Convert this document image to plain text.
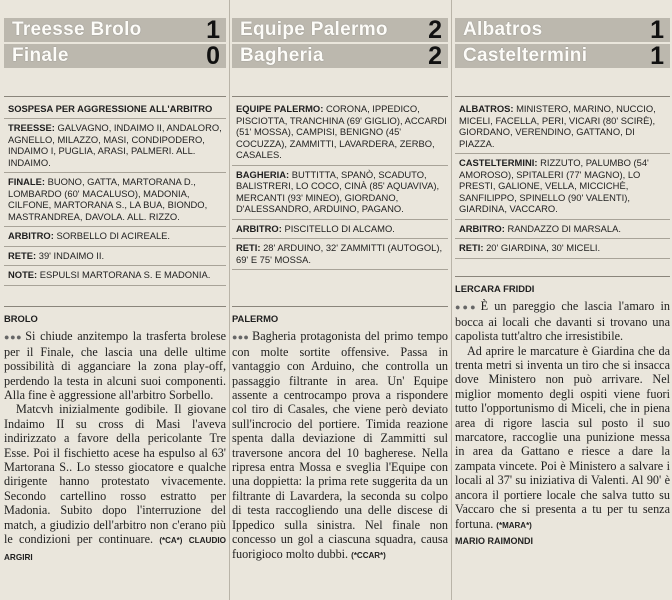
Treesse Brolo	1
Finale	0
SOSPESA PER AGGRESSIONE ALL'ARBITRO

TREESSE: GALVAGNO, INDAIMO II, ANDALORO, AGNELLO, MILAZZO, MASI, CONDIPODERO, INDAIMO I, PUGLIA, ARASI, PALMERI. ALL. INDAIMO.

FINALE: BUONO, GATTA, MARTORANA D., LOMBARDO (60' MACALUSO), MADONIA, CILFONE, MARTORANA S., LA BUA, BIONDO, MASTRANDREA, DAVOLA. ALL. RIZZO.

ARBITRO: SORBELLO DI ACIREALE.

RETE: 39' INDAIMO II.

NOTE: ESPULSI MARTORANA S. E MADONIA.

BROLO

●●● Si chiude anzitempo la trasferta brolese per il Finale, che lascia una delle ultime possibilità di agganciare la zona play-off, perdendo la testa in alcuni suoi componenti. Alla fine è aggressione all'arbitro Sorbello.

Matcvh inizialmente godibile. Il giovane Indaimo II su cross di Masi l'aveva indirizzato a favore della pericolante Tre Esse. Poi il fischietto acese ha espulso al 63' Martorana S.. Lo stesso giocatore e qualche dirigente hanno protestato vivacemente. Secondo cartellino rosso estratto per Madonia. Subito dopo l'interruzione del match, a giudizio dell'arbitro non c'erano più le condizioni per continuare. (*CA*) CLAUDIO ARGIRI

Equipe Palermo 2
Bagheria	2

EQUIPE PALERMO: CORONA, IPPEDICO, PISCIOTTA, TRANCHINA (69' GIGLIO), ACCARDI (51' MOSSA), CAMPISI, BENIGNO (45' COCUZZA), ZAMMITTI, LAVARDERA, ZERBO, CASALES.

BAGHERIA: BUTTITTA, SPANÒ, SCADUTO, BALISTRERI, LO COCO, CINÀ (85' AQUAVIVA), MERCANTI (93' MINEO), GIORDANO, D'ALESSANDRO, ARDUINO, PAGANO.

ARBITRO: PISCITELLO DI ALCAMO.

RETI: 28' ARDUINO, 32' ZAMMITTI (AUTOGOL), 69' E 75' MOSSA.

PALERMO

●●● Bagheria protagonista del primo tempo con molte sortite offensive. Passa in vantaggio con Arduino, che controlla un passaggio filtrante in area. Un' Equipe assente a centrocampo prova a rispondere col tiro di Casales, che viene però deviato sull'incrocio del portiere. Timida reazione spenta dalla deviazione di Zammitti sul traversone ancora del 10 bagherese. Nella ripresa entra Mossa e sveglia l'Equipe con una doppietta: la prima rete suggerita da un filtrante di Lavardera, la seconda su colpo di testa raccogliendo una delle discese di Ippedico sulla sinistra. Nel finale non concesso un gol a ciascuna squadra, causa fuorigioco molto dubbi. (*CCAR*)

Albatros	1
Casteltermini	1

ALBATROS: MINISTERO, MARINO, NUCCIO, MICELI, FACELLA, PERI, VICARI (80' SCIRÈ), GIORDANO, VERENDINO, GATTANO, DI PIAZZA.

CASTELTERMINI: RIZZUTO, PALUMBO (54' AMOROSO), SPITALERI (77' MAGNO), LO PRESTI, GALIONE, VELLA, MICCICHÈ, SANFILIPPO, SPINELLO (90' VALENTI), GIARDINA, VACCARO.

ARBITRO: RANDAZZO DI MARSALA.

RETI: 20' GIARDINA, 30' MICELI.

LERCARA FRIDDI

●●● È un pareggio che lascia l'amaro in bocca ai locali che davanti si trovano una capolista tutt'altro che irresistibile.

Ad aprire le marcature è Giardina che da trenta metri si inventa un tiro che si insacca dove Ministero non può arrivare. Nel miglior momento degli ospiti viene fuori tutto l'opportunismo di Miceli, che in piena area di rigore lascia sul posto il suo marcatore, raccoglie una punizione messa in area da Gattano e riesce a dare la zampata vincete. Poi è Ministero a salvare i locali al 37' su iniziativa di Valenti. Al 90' è ancora il portiere locale che salva tutto su Vaccaro che si presenta a tu per tu senza fortuna. (*MARA*)

MARIO RAIMONDI
